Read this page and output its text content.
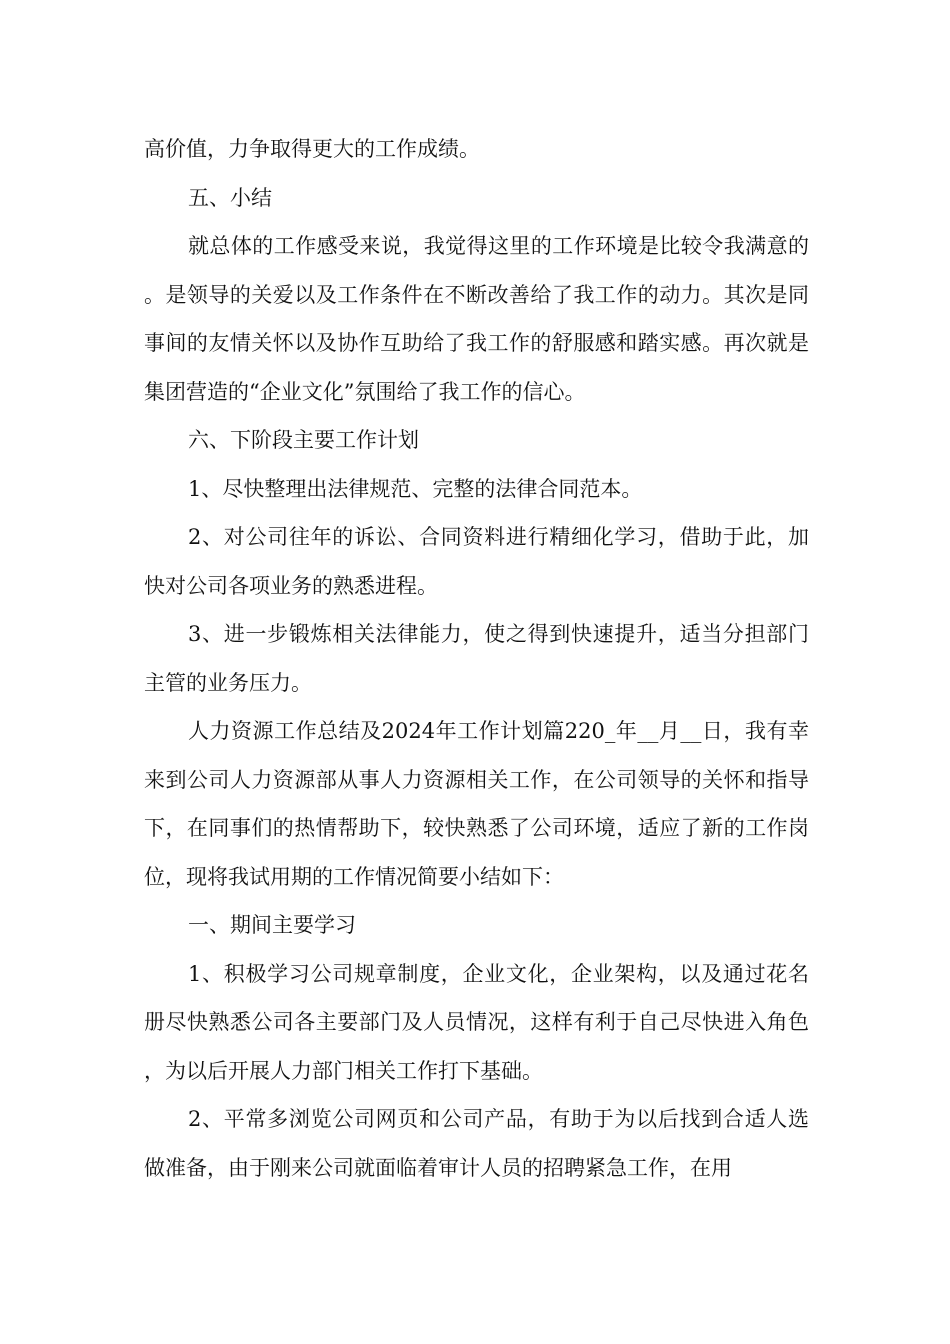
高价值，力争取得更大的工作成绩。

五、小结

就总体的工作感受来说，我觉得这里的工作环境是比较令我满意的。是领导的关爱以及工作条件在不断改善给了我工作的动力。其次是同事间的友情关怀以及协作互助给了我工作的舒服感和踏实感。再次就是集团营造的“企业文化”氛围给了我工作的信心。

六、下阶段主要工作计划

1、尽快整理出法律规范、完整的法律合同范本。

2、对公司往年的诉讼、合同资料进行精细化学习，借助于此，加快对公司各项业务的熟悉进程。

3、进一步锻炼相关法律能力，使之得到快速提升，适当分担部门主管的业务压力。

人力资源工作总结及2024年工作计划篇220_年__月__日，我有幸来到公司人力资源部从事人力资源相关工作，在公司领导的关怀和指导下，在同事们的热情帮助下，较快熟悉了公司环境，适应了新的工作岗位，现将我试用期的工作情况简要小结如下：

一、期间主要学习

1、积极学习公司规章制度，企业文化，企业架构，以及通过花名册尽快熟悉公司各主要部门及人员情况，这样有利于自己尽快进入角色，为以后开展人力部门相关工作打下基础。

2、平常多浏览公司网页和公司产品，有助于为以后找到合适人选做准备，由于刚来公司就面临着审计人员的招聘紧急工作，在用
